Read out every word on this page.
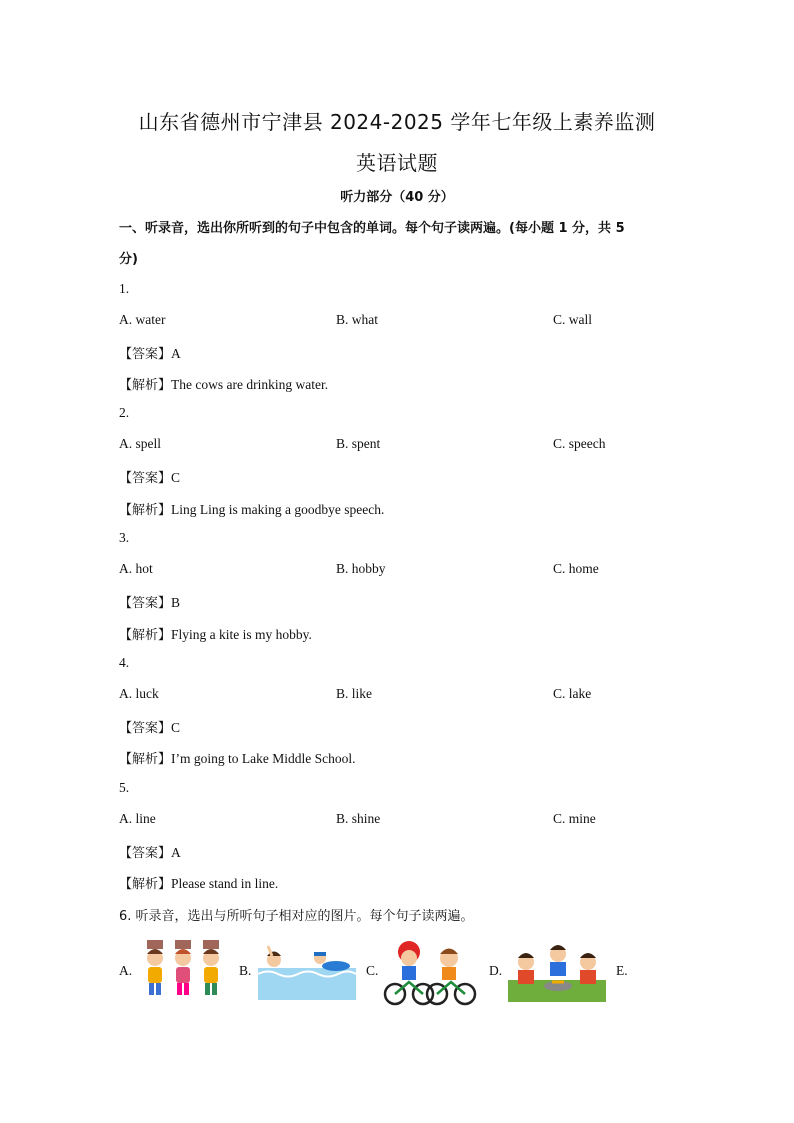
山东省德州市宁津县 2024-2025 学年七年级上素养监测
英语试题
听力部分（40 分）
一、听录音，选出你所听到的句子中包含的单词。每个句子读两遍。(每小题 1 分，共 5
分)
1.
A. water	B. what	C. wall
【答案】A
【解析】The cows are drinking water.
2.
A. spell	B. spent	C. speech
【答案】C
【解析】Ling Ling is making a goodbye speech.
3.
A. hot	B. hobby	C. home
【答案】B
【解析】Flying a kite is my hobby.
4.
A. luck	B. like	C. lake
【答案】C
【解析】I’m going to Lake Middle School.
5.
A. line	B. shine	C. mine
【答案】A
【解析】Please stand in line.
6. 听录音，选出与所听句子相对应的图片。每个句子读两遍。
A.	B.	C.	D.	E.
